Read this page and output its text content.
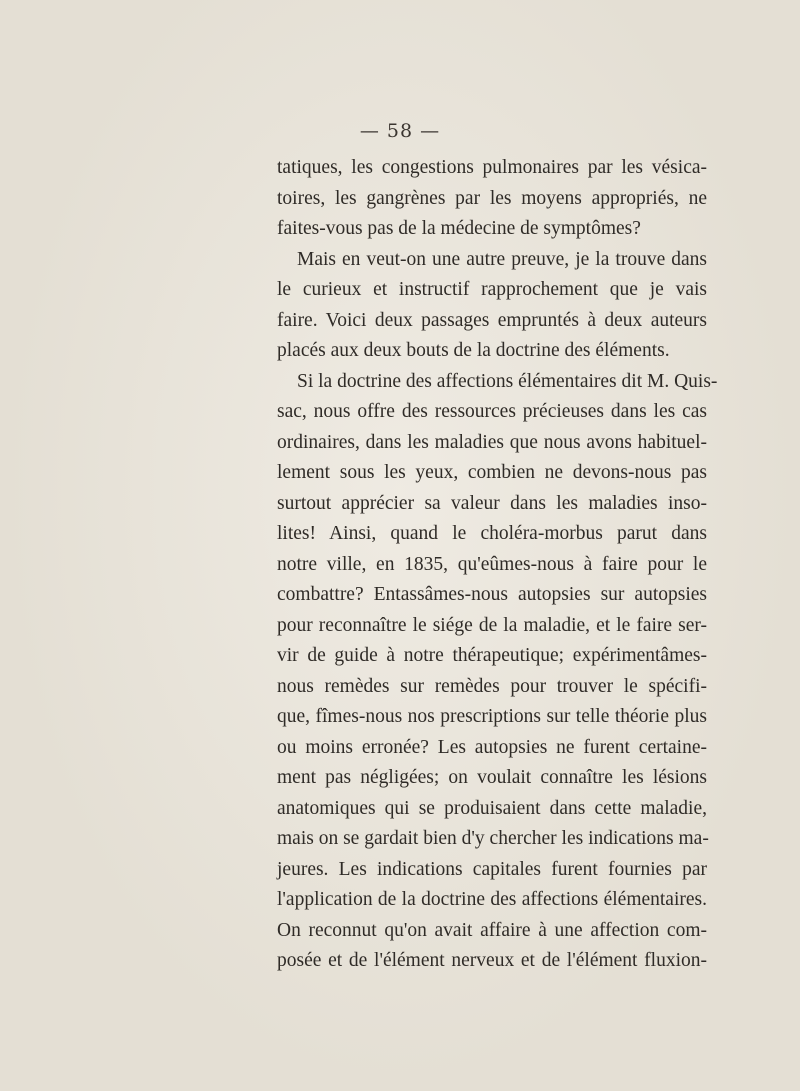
— 58 —
tatiques, les congestions pulmonaires par les vésica-
toires, les gangrènes par les moyens appropriés, ne
faites-vous pas de la médecine de symptômes?
Mais en veut-on une autre preuve, je la trouve dans
le curieux et instructif rapprochement que je vais
faire. Voici deux passages empruntés à deux auteurs
placés aux deux bouts de la doctrine des éléments.
Si la doctrine des affections élémentaires dit M. Quis-
sac, nous offre des ressources précieuses dans les cas
ordinaires, dans les maladies que nous avons habituel-
lement sous les yeux, combien ne devons-nous pas
surtout apprécier sa valeur dans les maladies inso-
lites! Ainsi, quand le choléra-morbus parut dans
notre ville, en 1835, qu'eûmes-nous à faire pour le
combattre? Entassâmes-nous autopsies sur autopsies
pour reconnaître le siége de la maladie, et le faire ser-
vir de guide à notre thérapeutique; expérimentâmes-
nous remèdes sur remèdes pour trouver le spécifi-
que, fîmes-nous nos prescriptions sur telle théorie plus
ou moins erronée? Les autopsies ne furent certaine-
ment pas négligées; on voulait connaître les lésions
anatomiques qui se produisaient dans cette maladie,
mais on se gardait bien d'y chercher les indications ma-
jeures. Les indications capitales furent fournies par
l'application de la doctrine des affections élémentaires.
On reconnut qu'on avait affaire à une affection com-
posée et de l'élément nerveux et de l'élément fluxion-
